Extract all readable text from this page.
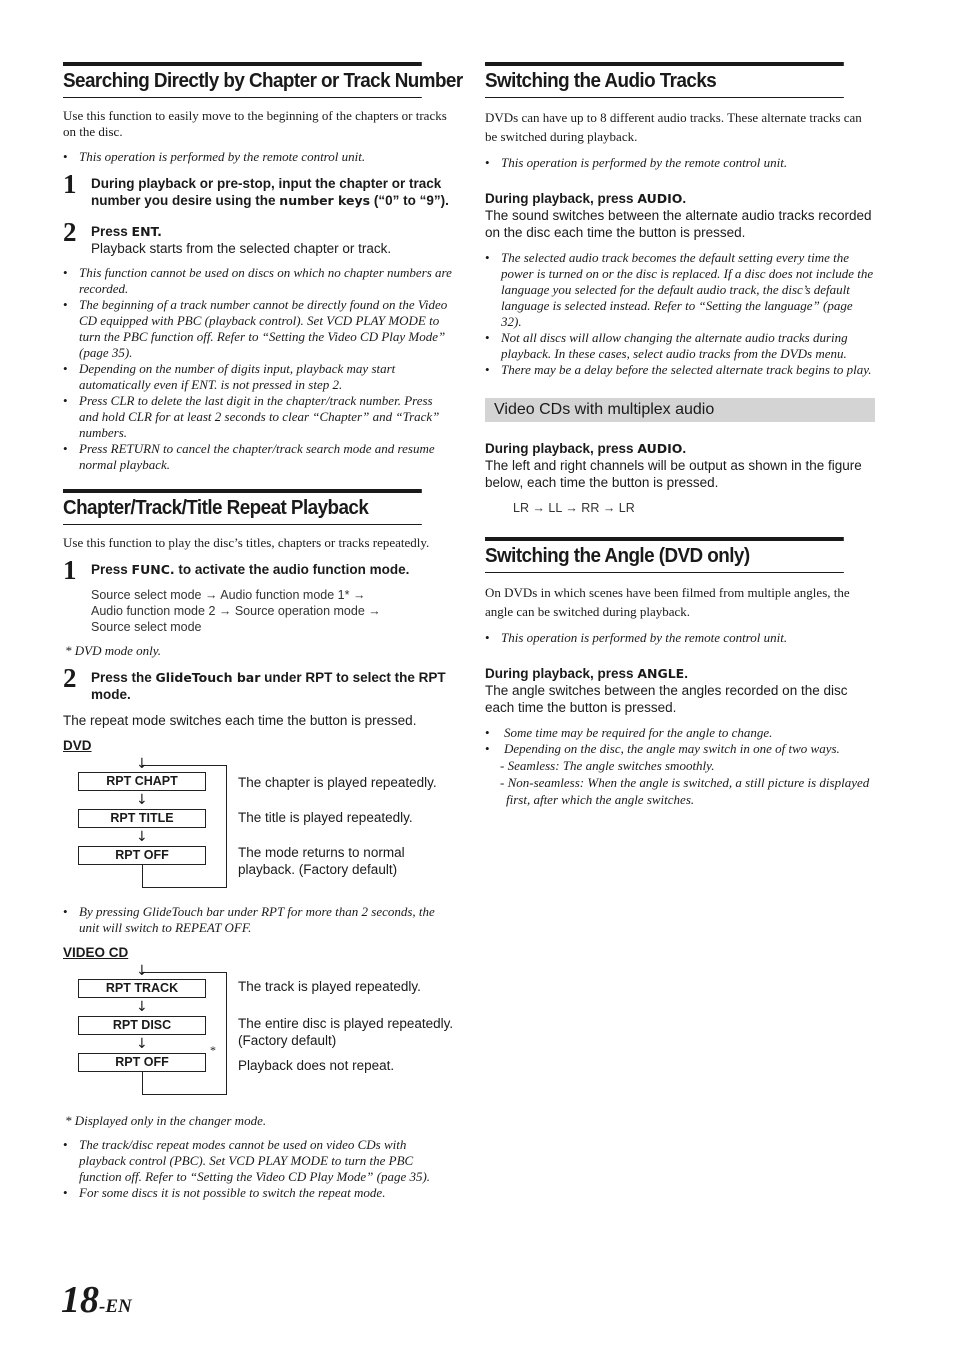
Searching Directly by Chapter or Track Number
Use this function to easily move to the beginning of the chapters or tracks on the disc.
• This operation is performed by the remote control unit.
1 During playback or pre-stop, input the chapter or track number you desire using the number keys (“0” to “9”).
2 Press ENT.
Playback starts from the selected chapter or track.
• This function cannot be used on discs on which no chapter numbers are recorded.
• The beginning of a track number cannot be directly found on the Video CD equipped with PBC (playback control). Set VCD PLAY MODE to turn the PBC function off. Refer to “Setting the Video CD Play Mode” (page 35).
• Depending on the number of digits input, playback may start automatically even if ENT. is not pressed in step 2.
• Press CLR to delete the last digit in the chapter/track number. Press and hold CLR for at least 2 seconds to clear “Chapter” and “Track” numbers.
• Press RETURN to cancel the chapter/track search mode and resume normal playback.
Chapter/Track/Title Repeat Playback
Use this function to play the disc’s titles, chapters or tracks repeatedly.
1 Press FUNC. to activate the audio function mode.
Source select mode → Audio function mode 1* →
Audio function mode 2 → Source operation mode →
Source select mode
* DVD mode only.
2 Press the GlideTouch bar under RPT to select the RPT mode.
The repeat mode switches each time the button is pressed.
DVD
↓
RPT CHAPT
↓
RPT TITLE
↓
RPT OFF
The chapter is played repeatedly.
The title is played repeatedly.
The mode returns to normal playback. (Factory default)
• By pressing GlideTouch bar under RPT for more than 2 seconds, the unit will switch to REPEAT OFF.
VIDEO CD
↓
RPT TRACK
↓
RPT DISC
↓
RPT OFF
*
The track is played repeatedly.
The entire disc is played repeatedly. (Factory default)
Playback does not repeat.
* Displayed only in the changer mode.
• The track/disc repeat modes cannot be used on video CDs with playback control (PBC). Set VCD PLAY MODE to turn the PBC function off. Refer to “Setting the Video CD Play Mode” (page 35).
• For some discs it is not possible to switch the repeat mode.
Switching the Audio Tracks
DVDs can have up to 8 different audio tracks. These alternate tracks can be switched during playback.
• This operation is performed by the remote control unit.
During playback, press AUDIO.
The sound switches between the alternate audio tracks recorded on the disc each time the button is pressed.
• The selected audio track becomes the default setting every time the power is turned on or the disc is replaced. If a disc does not include the language you selected for the default audio track, the disc’s default language is selected instead. Refer to “Setting the language” (page 32).
• Not all discs will allow changing the alternate audio tracks during playback. In these cases, select audio tracks from the DVDs menu.
• There may be a delay before the selected alternate track begins to play.
Video CDs with multiplex audio
During playback, press AUDIO.
The left and right channels will be output as shown in the figure below, each time the button is pressed.
LR → LL → RR → LR
Switching the Angle (DVD only)
On DVDs in which scenes have been filmed from multiple angles, the angle can be switched during playback.
• This operation is performed by the remote control unit.
During playback, press ANGLE.
The angle switches between the angles recorded on the disc each time the button is pressed.
• Some time may be required for the angle to change.
• Depending on the disc, the angle may switch in one of two ways.
- Seamless: The angle switches smoothly.
- Non-seamless: When the angle is switched, a still picture is displayed first, after which the angle switches.
18-EN
